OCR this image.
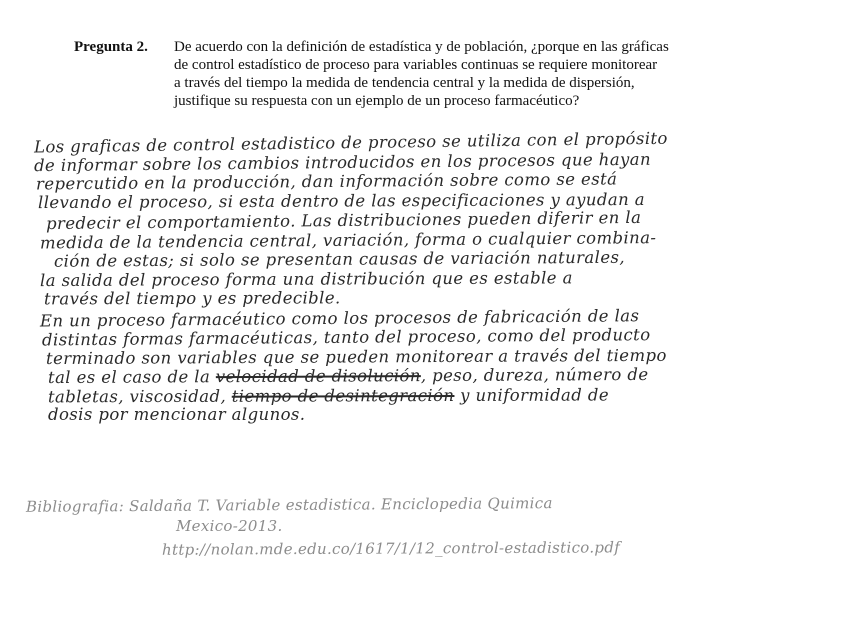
Pregunta 2. De acuerdo con la definición de estadística y de población, ¿porque en las gráficas
de control estadístico de proceso para variables continuas se requiere monitorear
a través del tiempo la medida de tendencia central y la medida de dispersión,
justifique su respuesta con un ejemplo de un proceso farmacéutico?
Los graficas de control estadistico de proceso se utiliza con el propósito
de informar sobre los cambios introducidos en los procesos que hayan
repercutido en la producción, dan información sobre como se está
llevando el proceso, si esta dentro de las especificaciones y ayudan a
predecir el comportamiento. Las distribuciones pueden diferir en la
medida de la tendencia central, variación, forma o cualquier combina-
ción de estas; si solo se presentan causas de variación naturales,
la salida del proceso forma una distribución que es estable a
través del tiempo y es predecible.
En un proceso farmacéutico como los procesos de fabricación de las
distintas formas farmacéuticas, tanto del proceso, como del producto
terminado son variables que se pueden monitorear a través del tiempo
tal es el caso de la velocidad de disolución, peso, dureza, número de
tabletas, viscosidad, tiempo de desintegración y uniformidad de
dosis por mencionar algunos.
Bibliografia: Saldaña T. Variable estadistica. Enciclopedia Quimica
Mexico-2013.
http://nolan.mde.edu.co/1617/1/12_control-estadistico.pdf
